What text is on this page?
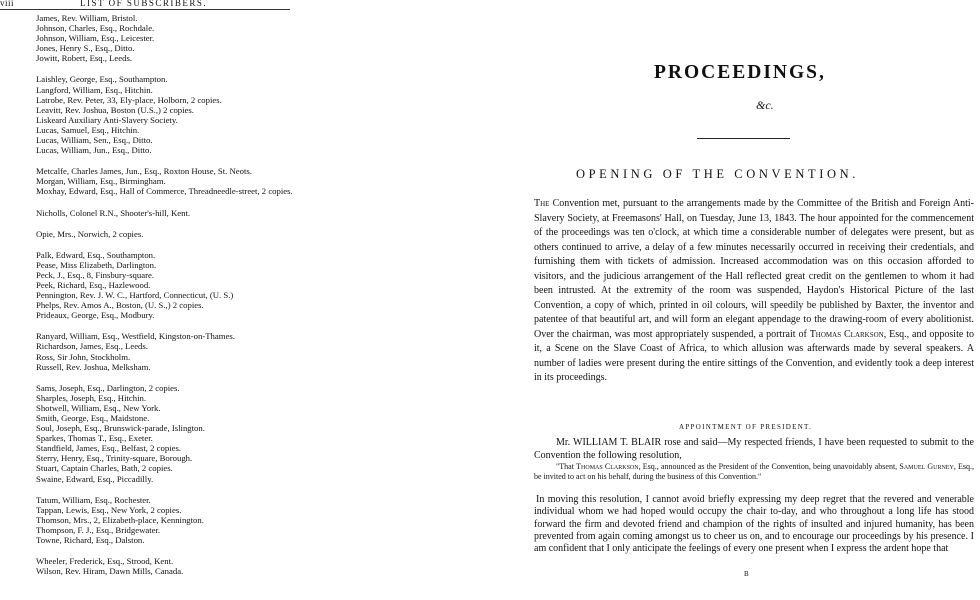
viii	LIST OF SUBSCRIBERS.
James, Rev. William, Bristol.
Johnson, Charles, Esq., Rochdale.
Johnson, William, Esq., Leicester.
Jones, Henry S., Esq., Ditto.
Jowitt, Robert, Esq., Leeds.
Laishley, George, Esq., Southampton.
Langford, William, Esq., Hitchin.
Latrobe, Rev. Peter, 33, Ely-place, Holborn, 2 copies.
Leavitt, Rev. Joshua, Boston (U.S.,) 2 copies.
Liskeard Auxiliary Anti-Slavery Society.
Lucas, Samuel, Esq., Hitchin.
Lucas, William, Sen., Esq., Ditto.
Lucas, William, Jun., Esq., Ditto.
Metcalfe, Charles James, Jun., Esq., Roxton House, St. Neots.
Morgan, William, Esq., Birmingham.
Moxhay, Edward, Esq., Hall of Commerce, Threadneedle-street, 2 copies.
Nicholls, Colonel R.N., Shooter's-hill, Kent.
Opie, Mrs., Norwich, 2 copies.
Palk, Edward, Esq., Southampton.
Pease, Miss Elizabeth, Darlington.
Peck, J., Esq., 8, Finsbury-square.
Peek, Richard, Esq., Hazlewood.
Pennington, Rev. J. W. C., Hartford, Connecticut, (U. S.)
Phelps, Rev. Amos A., Boston, (U. S.,) 2 copies.
Prideaux, George, Esq., Modbury.
Ranyard, William, Esq., Westfield, Kingston-on-Thames.
Richardson, James, Esq., Leeds.
Ross, Sir John, Stockholm.
Russell, Rev. Joshua, Melksham.
Sams, Joseph, Esq., Darlington, 2 copies.
Sharples, Joseph, Esq., Hitchin.
Shotwell, William, Esq., New York.
Smith, George, Esq., Maidstone.
Soul, Joseph, Esq., Brunswick-parade, Islington.
Sparkes, Thomas T., Esq., Exeter.
Standfield, James, Esq., Belfast, 2 copies.
Sterry, Henry, Esq., Trinity-square, Borough.
Stuart, Captain Charles, Bath, 2 copies.
Swaine, Edward, Esq., Piccadilly.
Tatum, William, Esq., Rochester.
Tappan, Lewis, Esq., New York, 2 copies.
Thomson, Mrs., 2, Elizabeth-place, Kennington.
Thompson, F. J., Esq., Bridgewater.
Towne, Richard, Esq., Dalston.
Wheeler, Frederick, Esq., Strood, Kent.
Wilson, Rev. Hiram, Dawn Mills, Canada.
PROCEEDINGS,
&c.
OPENING OF THE CONVENTION.
The Convention met, pursuant to the arrangements made by the Committee of the British and Foreign Anti-Slavery Society, at Freemasons' Hall, on Tuesday, June 13, 1843. The hour appointed for the commencement of the proceedings was ten o'clock, at which time a considerable number of delegates were present, but as others continued to arrive, a delay of a few minutes necessarily occurred in receiving their credentials, and furnishing them with tickets of admission. Increased accommodation was on this occasion afforded to visitors, and the judicious arrangement of the Hall reflected great credit on the gentlemen to whom it had been intrusted. At the extremity of the room was suspended, Haydon's Historical Picture of the last Convention, a copy of which, printed in oil colours, will speedily be published by Baxter, the inventor and patentee of that beautiful art, and will form an elegant appendage to the drawing-room of every abolitionist. Over the chairman, was most appropriately suspended, a portrait of Thomas Clarkson, Esq., and opposite to it, a Scene on the Slave Coast of Africa, to which allusion was afterwards made by several speakers. A number of ladies were present during the entire sittings of the Convention, and evidently took a deep interest in its proceedings.
APPOINTMENT OF PRESIDENT.
Mr. WILLIAM T. BLAIR rose and said—My respected friends, I have been requested to submit to the Convention the following resolution,
"That Thomas Clarkson, Esq., announced as the President of the Convention, being unavoidably absent, Samuel Gurney, Esq., be invited to act on his behalf, during the business of this Convention."
In moving this resolution, I cannot avoid briefly expressing my deep regret that the revered and venerable individual whom we had hoped would occupy the chair to-day, and who throughout a long life has stood forward the firm and devoted friend and champion of the rights of insulted and injured humanity, has been prevented from again coming amongst us to cheer us on, and to encourage our proceedings by his presence. I am confident that I only anticipate the feelings of every one present when I express the ardent hope that
B
